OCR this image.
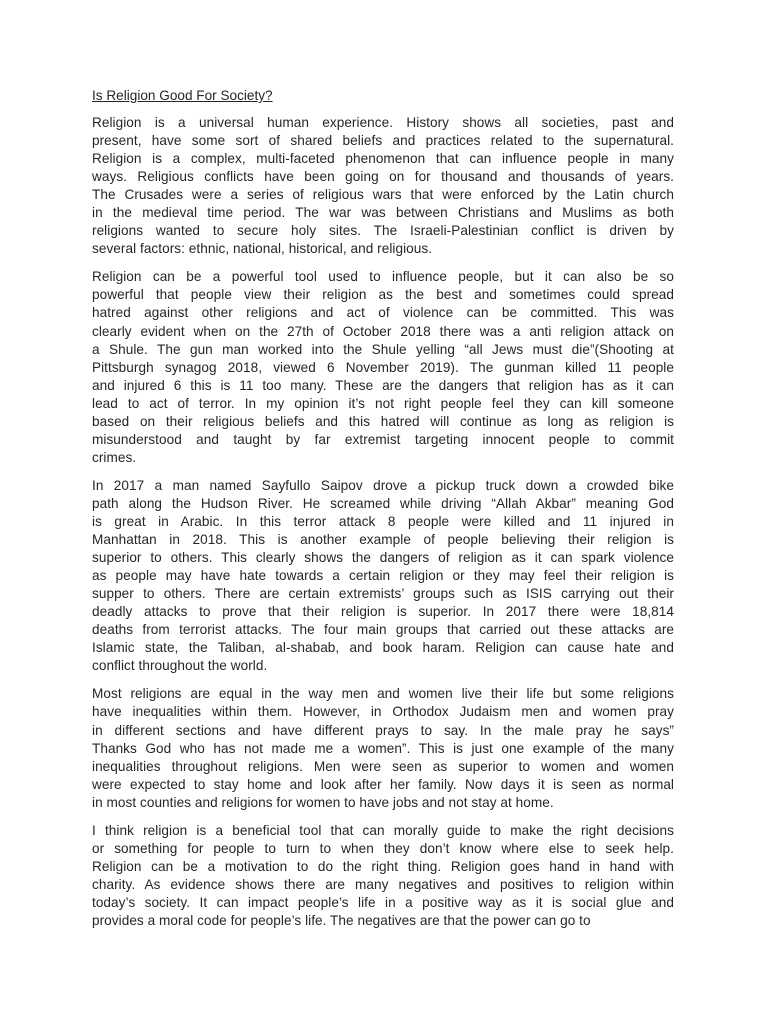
Is Religion Good For Society?
Religion is a universal human experience. History shows all societies, past and
present, have some sort of shared beliefs and practices related to the supernatural.
Religion is a complex, multi-faceted phenomenon that can influence people in many
ways. Religious conflicts have been going on for thousand and thousands of years.
The Crusades were a series of religious wars that were enforced by the Latin church
in the medieval time period. The war was between Christians and Muslims as both
religions wanted to secure holy sites. The Israeli-Palestinian conflict is driven by
several factors: ethnic, national, historical, and religious.
Religion can be a powerful tool used to influence people, but it can also be so
powerful that people view their religion as the best and sometimes could spread
hatred against other religions and act of violence can be committed. This was
clearly evident when on the 27th of October 2018 there was a anti religion attack on
a Shule. The gun man worked into the Shule yelling “all Jews must die”(Shooting at
Pittsburgh synagog 2018, viewed 6 November 2019). The gunman killed 11 people
and injured 6 this is 11 too many. These are the dangers that religion has as it can
lead to act of terror. In my opinion it’s not right people feel they can kill someone
based on their religious beliefs and this hatred will continue as long as religion is
misunderstood and taught by far extremist targeting innocent people to commit
crimes.
In 2017 a man named Sayfullo Saipov drove a pickup truck down a crowded bike
path along the Hudson River. He screamed while driving “Allah Akbar” meaning God
is great in Arabic. In this terror attack 8 people were killed and 11 injured in
Manhattan in 2018. This is another example of people believing their religion is
superior to others. This clearly shows the dangers of religion as it can spark violence
as people may have hate towards a certain religion or they may feel their religion is
supper to others. There are certain extremists’ groups such as ISIS carrying out their
deadly attacks to prove that their religion is superior. In 2017 there were 18,814
deaths from terrorist attacks. The four main groups that carried out these attacks are
Islamic state, the Taliban, al-shabab, and book haram. Religion can cause hate and
conflict throughout the world.
Most religions are equal in the way men and women live their life but some religions
have inequalities within them. However, in Orthodox Judaism men and women pray
in different sections and have different prays to say. In the male pray he says”
Thanks God who has not made me a women”. This is just one example of the many
inequalities throughout religions. Men were seen as superior to women and women
were expected to stay home and look after her family. Now days it is seen as normal
in most counties and religions for women to have jobs and not stay at home.
I think religion is a beneficial tool that can morally guide to make the right decisions
or something for people to turn to when they don’t know where else to seek help.
Religion can be a motivation to do the right thing. Religion goes hand in hand with
charity. As evidence shows there are many negatives and positives to religion within
today’s society. It can impact people’s life in a positive way as it is social glue and
provides a moral code for people’s life. The negatives are that the power can go to
